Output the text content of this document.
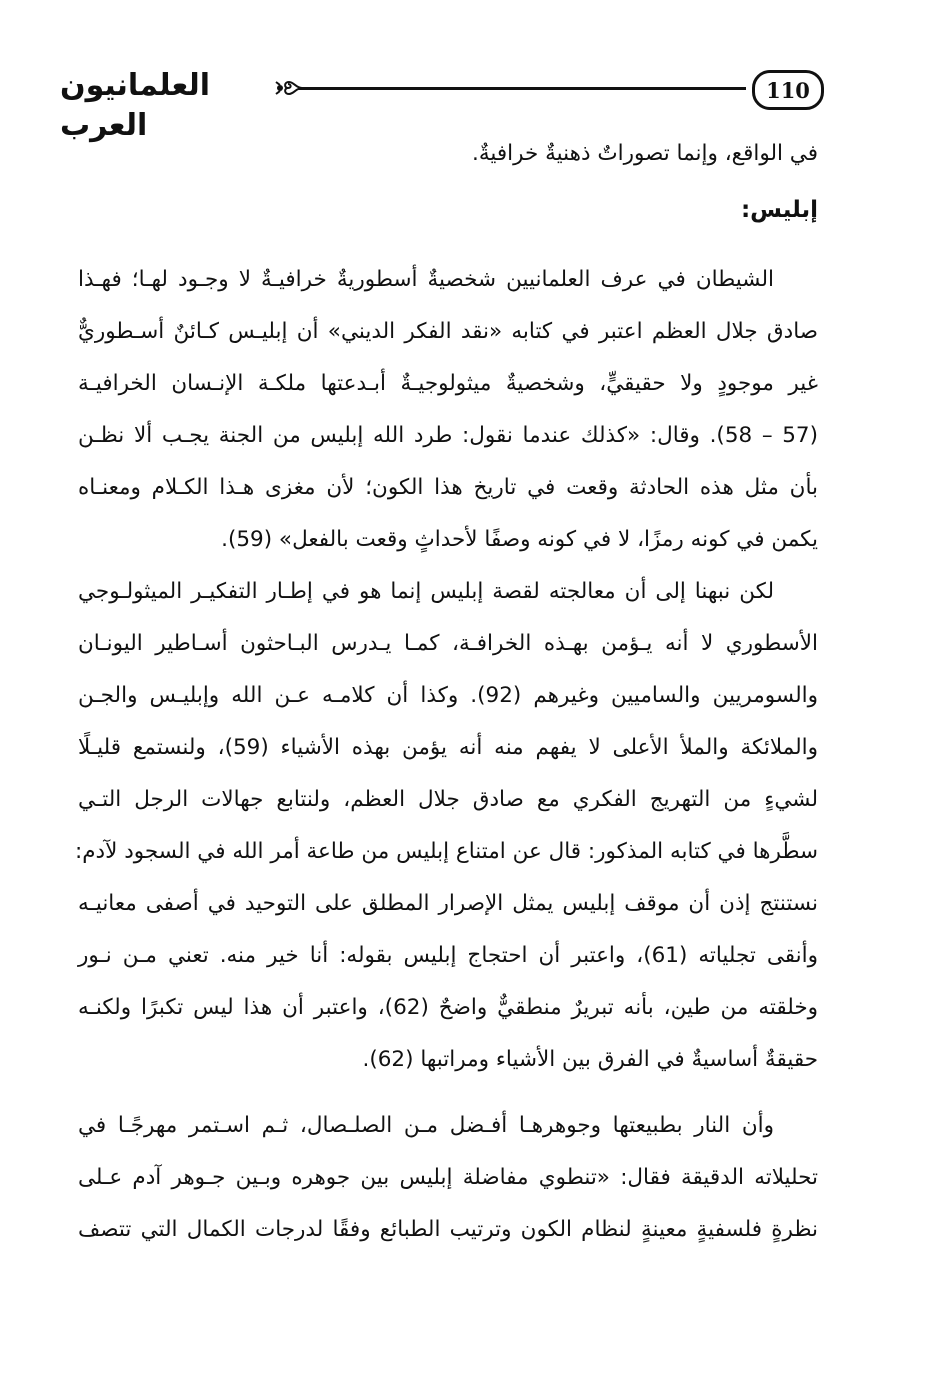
110
العلمانيون العرب
في الواقع، وإنما تصوراتٌ ذهنيةٌ خرافيةٌ.
إبليس:
الشيطان في عرف العلمانيين شخصيةٌ أسطوريةٌ خرافيـةٌ لا وجـود لهـا؛ فهـذا
صادق جلال العظم اعتبر في كتابه «نقد الفكر الديني» أن إبليـس كـائنٌ أسـطوريٌّ
غير موجودٍ ولا حقيقيٍّ، وشخصيةٌ ميثولوجيـةٌ أبـدعتها ملكـة الإنـسان الخرافيـة
(57 – 58). وقال: «كذلك عندما نقول: طرد الله إبليس من الجنة يجـب ألا نظـن
بأن مثل هذه الحادثة وقعت في تاريخ هذا الكون؛ لأن مغزى هـذا الكـلام ومعنـاه
يكمن في كونه رمزًا، لا في كونه وصفًا لأحداثٍ وقعت بالفعل» (59).
لكن نبهنا إلى أن معالجته لقصة إبليس إنما هو في إطـار التفكيـر الميثولـوجي
الأسطوري لا أنه يـؤمن بهـذه الخرافـة، كمـا يـدرس البـاحثون أسـاطير اليونـان
والسومريين والساميين وغيرهم (92). وكذا أن كلامـه عـن الله وإبليـس والجـن
والملائكة والملأ الأعلى لا يفهم منه أنه يؤمن بهذه الأشياء (59)، ولنستمع قليـلًا
لشيءٍ من التهريج الفكري مع صادق جلال العظم، ولنتابع جهالات الرجل التـي
سطَّرها في كتابه المذكور: قال عن امتناع إبليس من طاعة أمر الله في السجود لآدم:
نستنتج إذن أن موقف إبليس يمثل الإصرار المطلق على التوحيد في أصفى معانيـه
وأنقى تجلياته (61)، واعتبر أن احتجاج إبليس بقوله: أنا خير منه. تعني مـن نـور
وخلقته من طين، بأنه تبريرٌ منطقيٌّ واضحٌ (62)، واعتبر أن هذا ليس تكبرًا ولكنـه
حقيقةٌ أساسيةٌ في الفرق بين الأشياء ومراتبها (62).
وأن النار بطبيعتها وجوهرهـا أفـضل مـن الصلـصال، ثـم اسـتمر مهرجًـا في
تحليلاته الدقيقة فقال: «تنطوي مفاضلة إبليس بين جوهره وبـين جـوهر آدم عـلى
نظرةٍ فلسفيةٍ معينةٍ لنظام الكون وترتيب الطبائع وفقًا لدرجات الكمال التي تتصف
